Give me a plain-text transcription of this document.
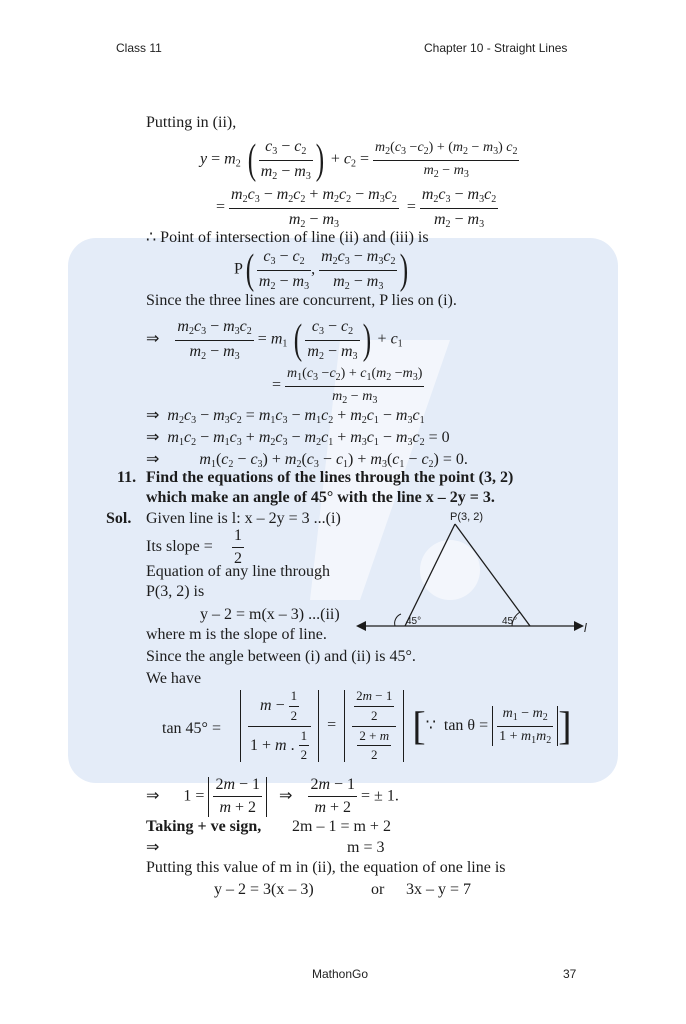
Class 11	Chapter 10 - Straight Lines
MathonGo	37
Putting in (ii),
$y = m_2$ ( $\frac{c_3 - c_2}{m_2 - m_3}$ ) + $c_2 = \frac{m_2(c_3 -c_2) + (m_2 - m_3) c_2}{m_2 - m_3}$
= $\frac{m_2c_3 - m_2c_2 + m_2c_2 - m_3c_2}{m_2 - m_3} = \frac{m_2c_3 - m_3c_2}{m_2 - m_3}$
∴ Point of intersection of line (ii) and (iii) is
$P( \frac{c_3 - c_2}{m_2 - m_3}$ , $\frac{m_2c_3 - m_3c_2}{m_2 - m_3}$ )
Since the three lines are concurrent, P lies on (i).
⇒ $\frac{m_2c_3 - m_3c_2}{m_2 - m_3} = m_1$ ( $\frac{c_3 - c_2}{m_2 - m_3}$ ) + $c_1$
= $\frac{m_1(c_3 -c_2) + c_1(m_2 -m_3)}{m_2 - m_3}$
⇒ $m_2c_3 - m_3c_2 = m_1c_3 - m_1c_2 + m_2c_1 - m_3c_1$
⇒ $m_1c_2 - m_1c_3 + m_2c_3 - m_2c_1 + m_3c_1 - m_3c_2 = 0$
⇒	$m_1(c_2 - c_3) + m_2(c_3 - c_1) + m_3(c_1 - c_2) = 0$.
11. Find the equations of the lines through the point (3, 2)
which make an angle of 45° with the line x – 2y = 3.
Sol. Given line is l: x – 2y = 3 ...(i)
Its slope = $\frac{1}{2}$
Equation of any line through
P(3, 2) is
y – 2 = m(x – 3) ...(ii)
where m is the slope of line.
Since the angle between (i) and (ii) is 45°.
We have
P(3, 2)
45°	45°	l
$\tan 45^\circ = \frac{m - \frac{1}{2}}{1 + m . \frac{1}{2}} = \frac{\frac{2m - 1}{2}}{\frac{2 + m}{2}}$ [∵  $\tan \theta = \frac{m_1 - m_2}{1 + m_1m_2}$ ]
⇒      $1 = \frac{2m - 1}{m + 2}$ ⇒ $\frac{2m - 1}{m + 2}$ = ± 1.
Taking + ve sign, 2m – 1 = m + 2
⇒	m = 3
Putting this value of m in (ii), the equation of one line is
y – 2 = 3(x – 3)	or 3x – y = 7
